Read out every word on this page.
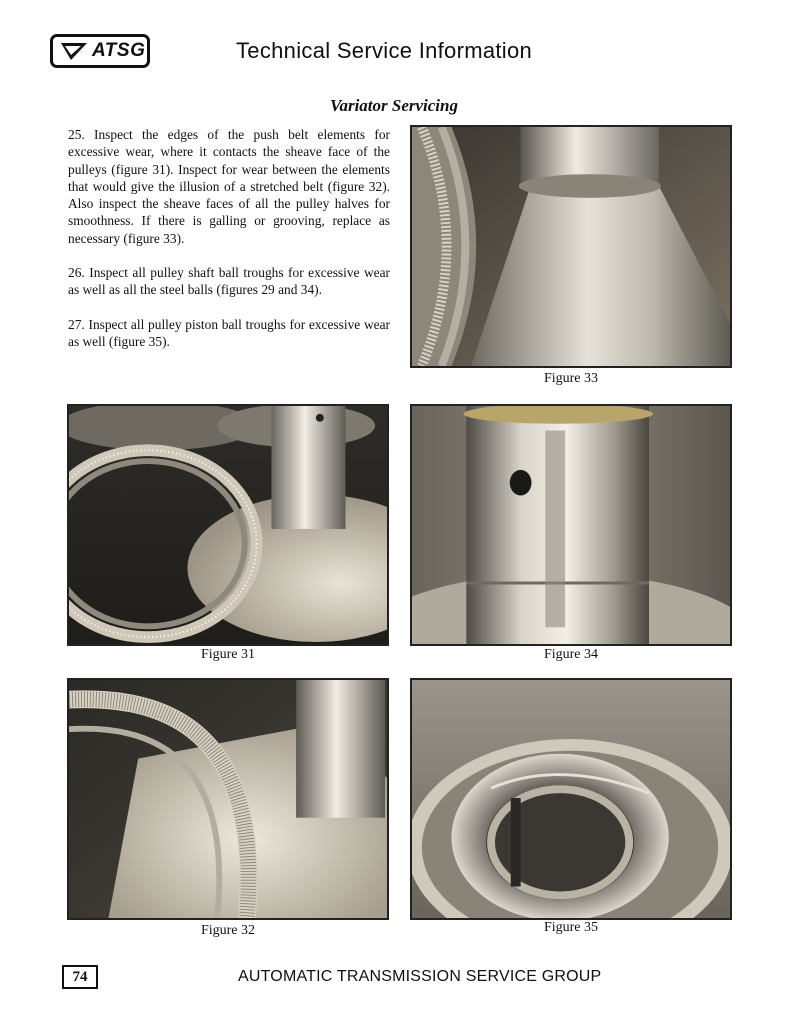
ATSG	Technical Service Information
Variator Servicing

25. Inspect the edges of the push belt elements for excessive wear, where it contacts the sheave face of the pulleys (figure 31). Inspect for wear between the elements that would give the illusion of a stretched belt (figure 32). Also inspect the sheave faces of all the pulley halves for smoothness. If there is galling or grooving, replace as necessary (figure 33).

26. Inspect all pulley shaft ball troughs for excessive wear as well as all the steel balls (figures 29 and 34).

27. Inspect all pulley piston ball troughs for excessive wear as well (figure 35).

Figure 33
Figure 31	Figure 34
Figure 32	Figure 35
74	AUTOMATIC TRANSMISSION SERVICE GROUP
